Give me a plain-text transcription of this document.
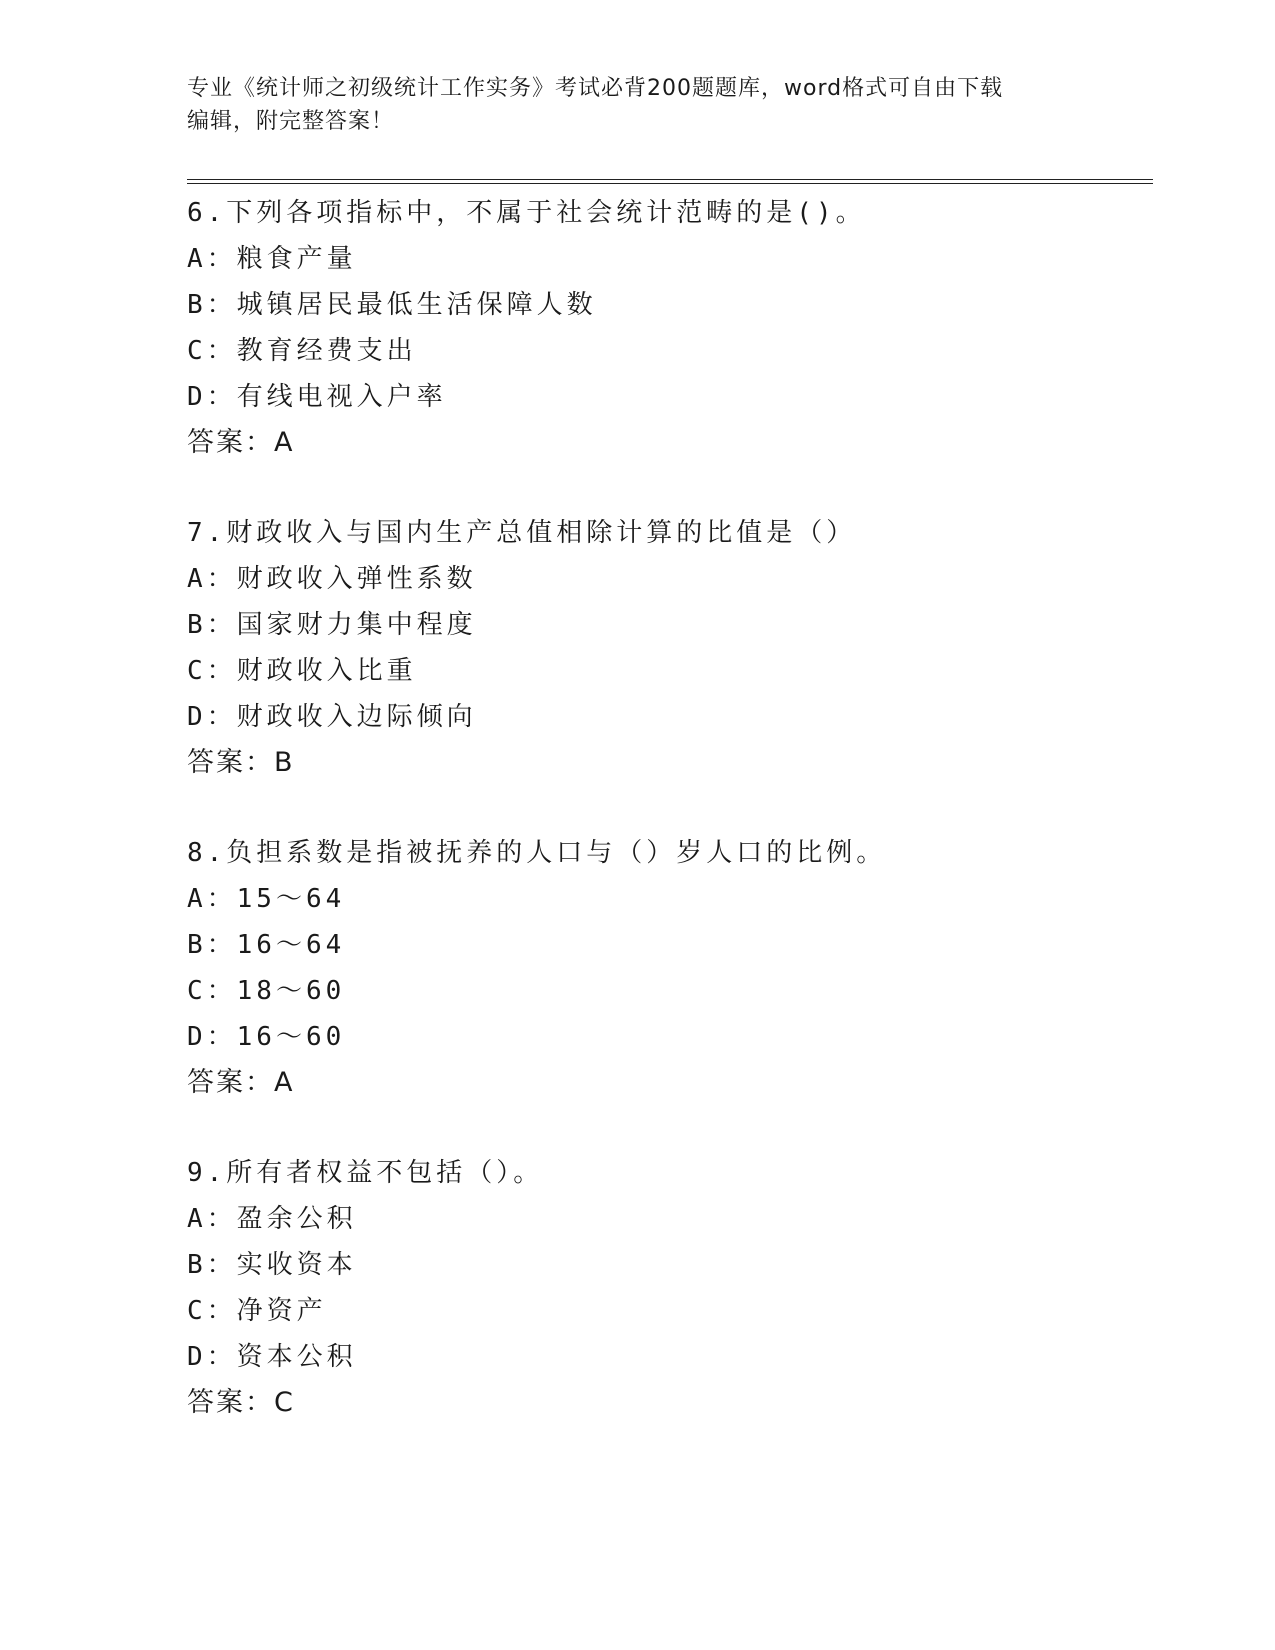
专业《统计师之初级统计工作实务》考试必背200题题库，word格式可自由下载
编辑，附完整答案！
6.下列各项指标中，不属于社会统计范畴的是()。
A：粮食产量
B：城镇居民最低生活保障人数
C：教育经费支出
D：有线电视入户率
答案：A
7.财政收入与国内生产总值相除计算的比值是（）
A：财政收入弹性系数
B：国家财力集中程度
C：财政收入比重
D：财政收入边际倾向
答案：B
8.负担系数是指被抚养的人口与（）岁人口的比例。
A：15～64
B：16～64
C：18～60
D：16～60
答案：A
9.所有者权益不包括（）。
A：盈余公积
B：实收资本
C：净资产
D：资本公积
答案：C
